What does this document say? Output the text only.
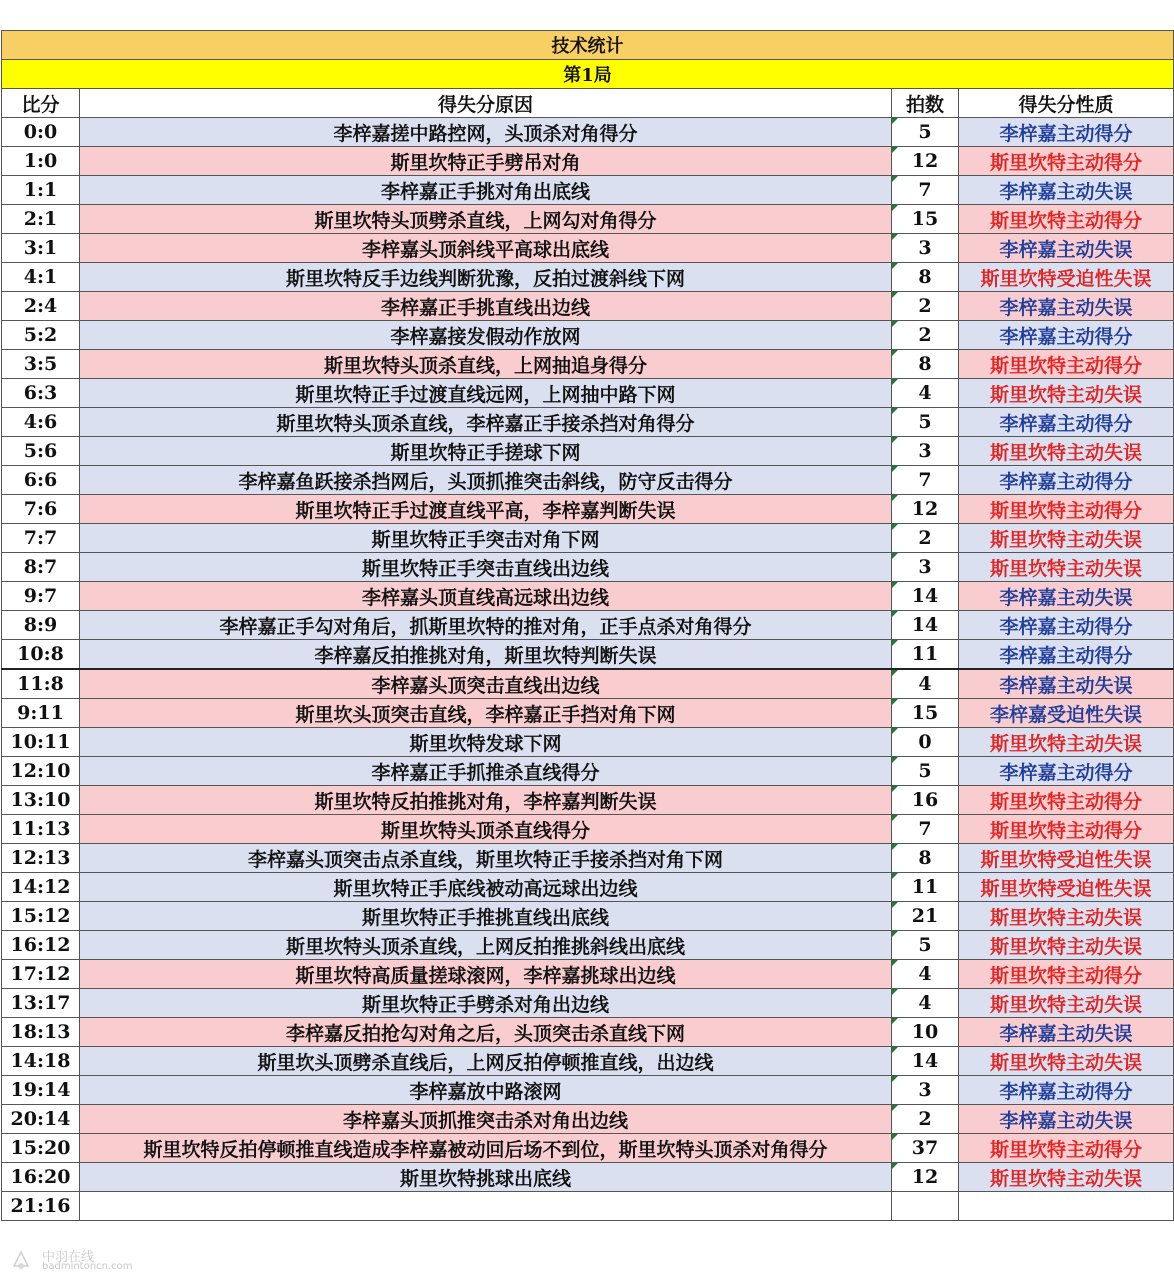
技术统计			
第1局			
比分	得失分原因	拍数	得失分性质
0:0	李梓嘉搓中路控网，头顶杀对角得分	5	李梓嘉主动得分
1:0	斯里坎特正手劈吊对角	12	斯里坎特主动得分
1:1	李梓嘉正手挑对角出底线	7	李梓嘉主动失误
2:1	斯里坎特头顶劈杀直线，上网勾对角得分	15	斯里坎特主动得分
3:1	李梓嘉头顶斜线平高球出底线	3	李梓嘉主动失误
4:1	斯里坎特反手边线判断犹豫，反拍过渡斜线下网	8	斯里坎特受迫性失误
2:4	李梓嘉正手挑直线出边线	2	李梓嘉主动失误
5:2	李梓嘉接发假动作放网	2	李梓嘉主动得分
3:5	斯里坎特头顶杀直线，上网抽追身得分	8	斯里坎特主动得分
6:3	斯里坎特正手过渡直线远网，上网抽中路下网	4	斯里坎特主动失误
4:6	斯里坎特头顶杀直线，李梓嘉正手接杀挡对角得分	5	李梓嘉主动得分
5:6	斯里坎特正手搓球下网	3	斯里坎特主动失误
6:6	李梓嘉鱼跃接杀挡网后，头顶抓推突击斜线，防守反击得分	7	李梓嘉主动得分
7:6	斯里坎特正手过渡直线平高，李梓嘉判断失误	12	斯里坎特主动得分
7:7	斯里坎特正手突击对角下网	2	斯里坎特主动失误
8:7	斯里坎特正手突击直线出边线	3	斯里坎特主动失误
9:7	李梓嘉头顶直线高远球出边线	14	李梓嘉主动失误
8:9	李梓嘉正手勾对角后，抓斯里坎特的推对角，正手点杀对角得分	14	李梓嘉主动得分
10:8	李梓嘉反拍推挑对角，斯里坎特判断失误	11	李梓嘉主动得分
11:8	李梓嘉头顶突击直线出边线	4	李梓嘉主动失误
9:11	斯里坎头顶突击直线，李梓嘉正手挡对角下网	15	李梓嘉受迫性失误
10:11	斯里坎特发球下网	0	斯里坎特主动失误
12:10	李梓嘉正手抓推杀直线得分	5	李梓嘉主动得分
13:10	斯里坎特反拍推挑对角，李梓嘉判断失误	16	斯里坎特主动得分
11:13	斯里坎特头顶杀直线得分	7	斯里坎特主动得分
12:13	李梓嘉头顶突击点杀直线，斯里坎特正手接杀挡对角下网	8	斯里坎特受迫性失误
14:12	斯里坎特正手底线被动高远球出边线	11	斯里坎特受迫性失误
15:12	斯里坎特正手推挑直线出底线	21	斯里坎特主动失误
16:12	斯里坎特头顶杀直线，上网反拍推挑斜线出底线	5	斯里坎特主动失误
17:12	斯里坎特高质量搓球滚网，李梓嘉挑球出边线	4	斯里坎特主动得分
13:17	斯里坎特正手劈杀对角出边线	4	斯里坎特主动失误
18:13	李梓嘉反拍抢勾对角之后，头顶突击杀直线下网	10	李梓嘉主动失误
14:18	斯里坎头顶劈杀直线后，上网反拍停顿推直线，出边线	14	斯里坎特主动失误
19:14	李梓嘉放中路滚网	3	李梓嘉主动得分
20:14	李梓嘉头顶抓推突击杀对角出边线	2	李梓嘉主动失误
15:20	斯里坎特反拍停顿推直线造成李梓嘉被动回后场不到位，斯里坎特头顶杀对角得分	37	斯里坎特主动得分
16:20	斯里坎特挑球出底线	12	斯里坎特主动失误
21:16			
中羽在线
badmintoncn.com
